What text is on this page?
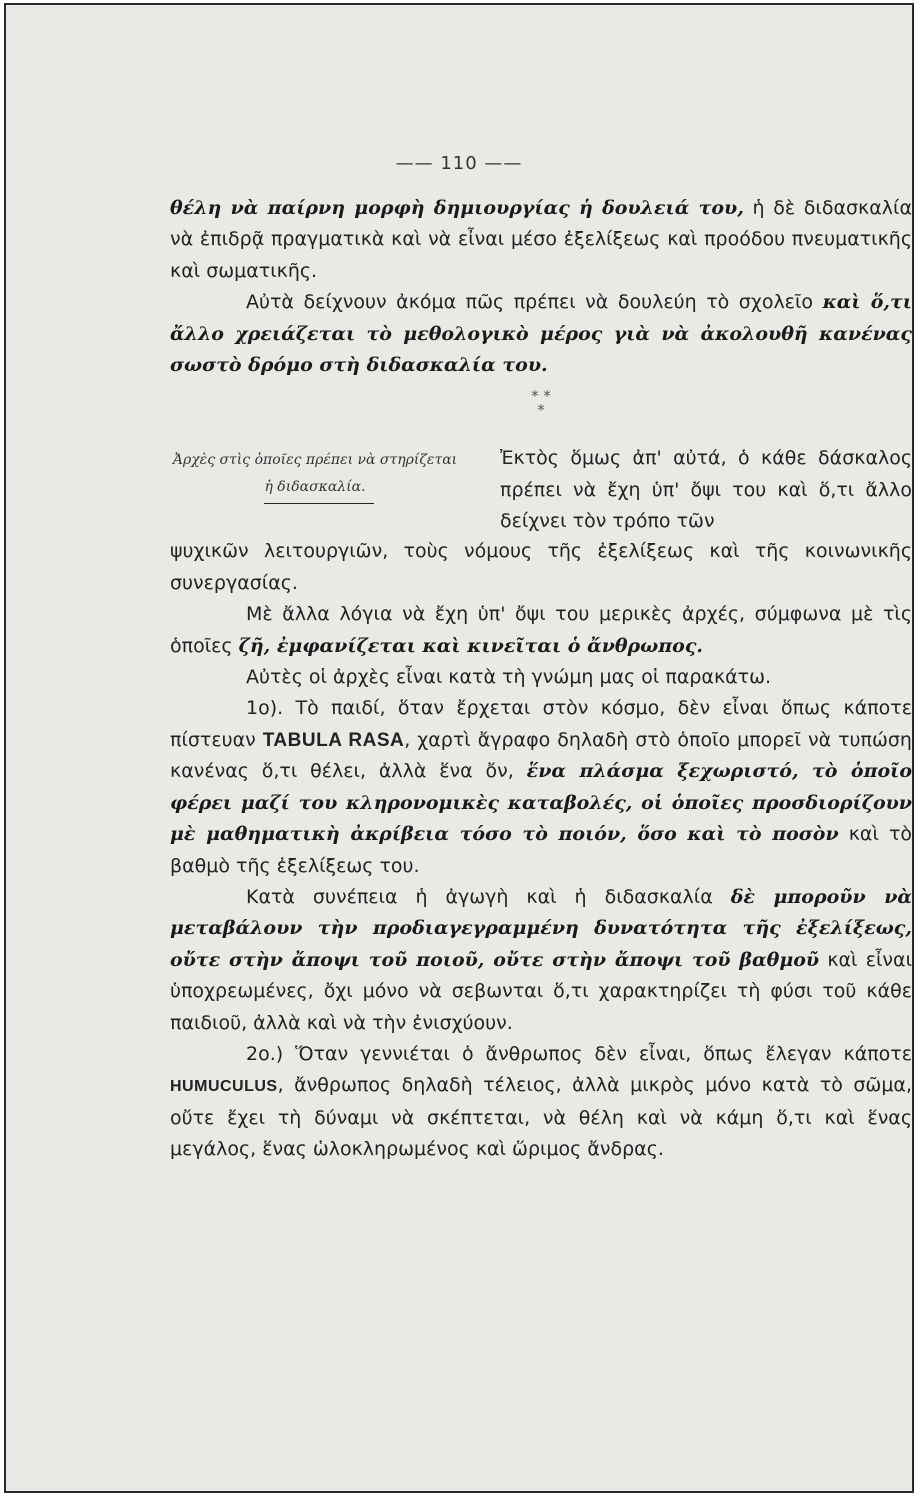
—— 110 ——

θέλη νὰ παίρνη μορφὴ δημιουργίας ἡ δουλειά του, ἡ δὲ διδασκαλία νὰ ἐπιδρᾷ πραγματικὰ καὶ νὰ εἶναι μέσο ἐξελίξεως καὶ προόδου πνευματικῆς καὶ σωματικῆς.

Αὐτὰ δείχνουν ἀκόμα πῶς πρέπει νὰ δουλεύη τὸ σχολεῖο καὶ ὅ,τι ἄλλο χρειάζεται τὸ μεθολογικὸ μέρος γιὰ νὰ ἀκολουθῆ κανένας σωστὸ δρόμο στὴ διδασκαλία του.

* *
*
Ἀρχὲς στὶς ὁποῖες πρέπει νὰ στηρίζεται ἡ διδασκαλία.
Ἐκτὸς ὅμως ἀπ' αὐτά, ὁ κάθε δάσκαλος πρέπει νὰ ἔχη ὑπ' ὄψι του καὶ ὅ,τι ἄλλο δείχνει τὸν τρόπο τῶν

ψυχικῶν λειτουργιῶν, τοὺς νόμους τῆς ἐξελίξεως καὶ τῆς κοινωνικῆς συνεργασίας.

Μὲ ἄλλα λόγια νὰ ἔχη ὑπ' ὄψι του μερικὲς ἀρχές, σύμφωνα μὲ τὶς ὁποῖες ζῆ, ἐμφανίζεται καὶ κινεῖται ὁ ἄνθρωπος.

Αὐτὲς οἱ ἀρχὲς εἶναι κατὰ τὴ γνώμη μας οἱ παρακάτω.

1ο). Τὸ παιδί, ὅταν ἔρχεται στὸν κόσμο, δὲν εἶναι ὅπως κάποτε πίστευαν TABULA RASA, χαρτὶ ἄγραφο δηλαδὴ στὸ ὁποῖο μπορεῖ νὰ τυπώση κανένας ὅ,τι θέλει, ἀλλὰ ἕνα ὄν, ἕνα πλάσμα ξεχωριστό, τὸ ὁποῖο φέρει μαζί του κληρονομικὲς καταβολές, οἱ ὁποῖες προσδιορίζουν μὲ μαθηματικὴ ἀκρίβεια τόσο τὸ ποιόν, ὅσο καὶ τὸ ποσὸν καὶ τὸ βαθμὸ τῆς ἐξελίξεως του.

Κατὰ συνέπεια ἡ ἀγωγὴ καὶ ἡ διδασκαλία δὲ μποροῦν νὰ μεταβάλουν τὴν προδιαγεγραμμένη δυνατότητα τῆς ἐξελίξεως, οὔτε στὴν ἄποψι τοῦ ποιοῦ, οὔτε στὴν ἄποψι τοῦ βαθμοῦ καὶ εἶναι ὑποχρεωμένες, ὄχι μόνο νὰ σεβωνται ὅ,τι χαρακτηρίζει τὴ φύσι τοῦ κάθε παιδιοῦ, ἀλλὰ καὶ νὰ τὴν ἐνισχύουν.

2ο.) Ὅταν γεννιέται ὁ ἄνθρωπος δὲν εἶναι, ὅπως ἔλεγαν κάποτε HUMUCULUS, ἄνθρωπος δηλαδὴ τέλειος, ἀλλὰ μικρὸς μόνο κατὰ τὸ σῶμα, οὔτε ἔχει τὴ δύναμι νὰ σκέπτεται, νὰ θέλη καὶ νὰ κάμη ὅ,τι καὶ ἕνας μεγάλος, ἕνας ὡλοκληρωμένος καὶ ὥριμος ἄνδρας.
